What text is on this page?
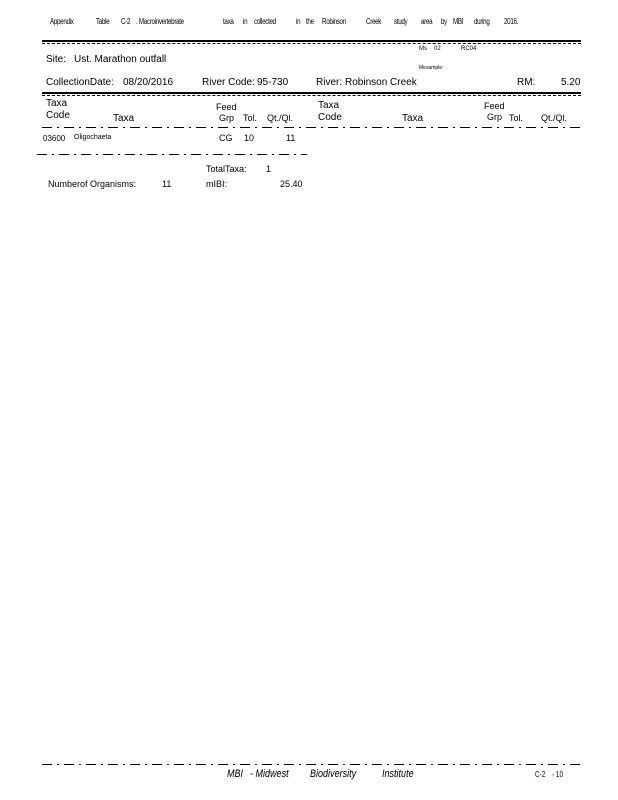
Appendix	Table C-2 . Macroinvertebrate	taxa in collected	in the Robinson	Creek study area by MBI during 2016.
Ms 02	RC04
Mesample:
Site: Ust. Marathon outfall
CollectionDate: 08/20/2016	River Code: 95-730	River: Robinson Creek	RM:	5.20
Taxa
Code	Taxa
Feed
Grp Tol. Qt./Ql.
Taxa
Code	Taxa
Feed
Grp Tol. Qt./Ql.
03600 Oligochaeta	CG 10	11
TotalTaxa: 1
Numberof Organisms:	11	mIBI:	25.40
MBI - Midwest Biodiversity Institute	C-2 - 10
